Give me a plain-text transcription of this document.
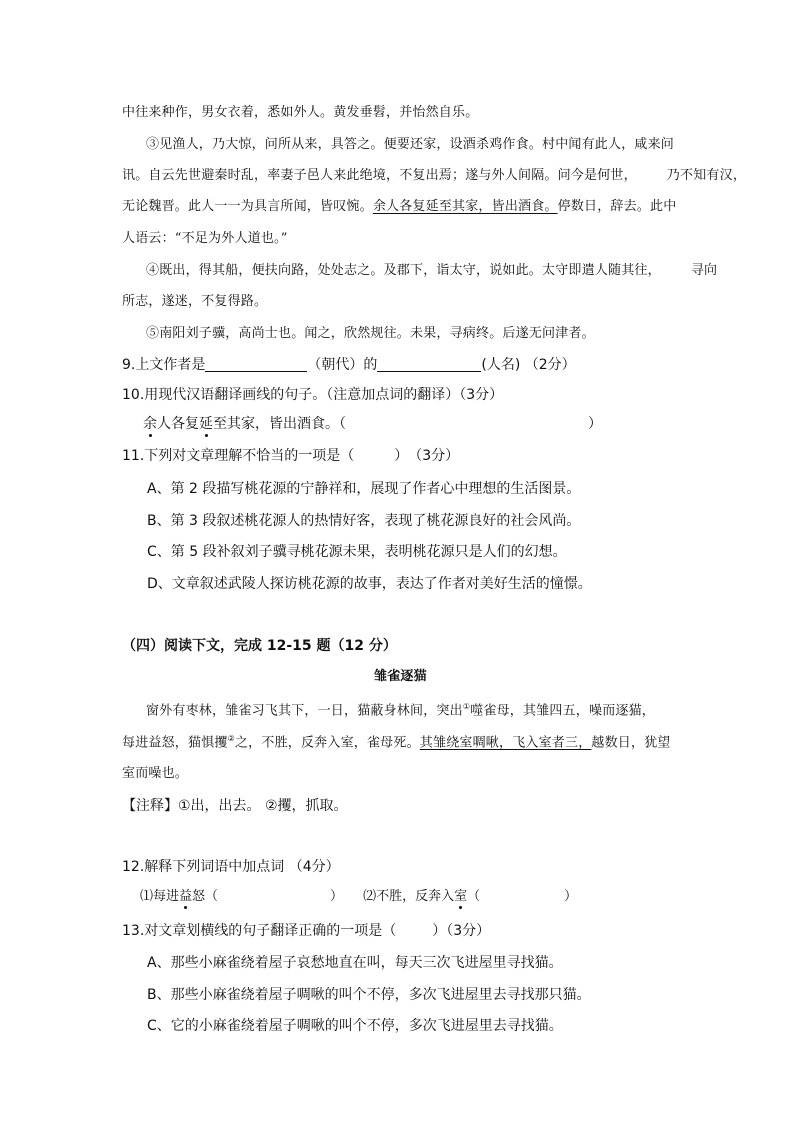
中往来种作，男女衣着，悉如外人。黄发垂髫，并怡然自乐。
③见渔人，乃大惊，问所从来，具答之。便要还家，设酒杀鸡作食。村中闻有此人，咸来问
讯。自云先世避秦时乱，率妻子邑人来此绝境，不复出焉；遂与外人间隔。问今是何世， 乃不知有汉，
无论魏晋。此人一一为具言所闻，皆叹惋。余人各复延至其家，皆出酒食。停数日，辞去。此中
人语云：“不足为外人道也。”
④既出，得其船，便扶向路，处处志之。及郡下，诣太守，说如此。太守即遣人随其往， 寻向
所志，遂迷，不复得路。
⑤南阳刘子骥，高尚士也。闻之，欣然规往。未果，寻病终。后遂无问津者。
9.上文作者是	（朝代）的	(人名) （2分）
10.用现代汉语翻译画线的句子。（注意加点词的翻译）（3分）
余人各复延至其家，皆出酒食。（	）
11.下列对文章理解不恰当的一项是（	）　（3分）
A、第 2 段描写桃花源的宁静祥和，展现了作者心中理想的生活图景。
B、第 3 段叙述桃花源人的热情好客，表现了桃花源良好的社会风尚。
C、第 5 段补叙刘子骥寻桃花源未果，表明桃花源只是人们的幻想。
D、文章叙述武陵人探访桃花源的故事，表达了作者对美好生活的憧憬。
（四）阅读下文，完成 12-15 题（12 分）
雏雀逐猫
窗外有枣林，雏雀习飞其下，一日，猫蔽身林间，突出①噬雀母，其雏四五，噪而逐猫，
每进益怒，猫惧攫②之，不胜，反奔入室，雀母死。其雏绕室啁啾，飞入室者三，越数日，犹望
室而噪也。
【注释】①出，出去。 ②攫，抓取。
12.解释下列词语中加点词 （4分）
⑴每进益怒（	） ⑵不胜，反奔入室（	）
13.对文章划横线的句子翻译正确的一项是（	）（3分）
A、那些小麻雀绕着屋子哀愁地直在叫，每天三次飞进屋里寻找猫。
B、那些小麻雀绕着屋子啁啾的叫个不停，多次飞进屋里去寻找那只猫。
C、它的小麻雀绕着屋子啁啾的叫个不停，多次飞进屋里去寻找猫。
